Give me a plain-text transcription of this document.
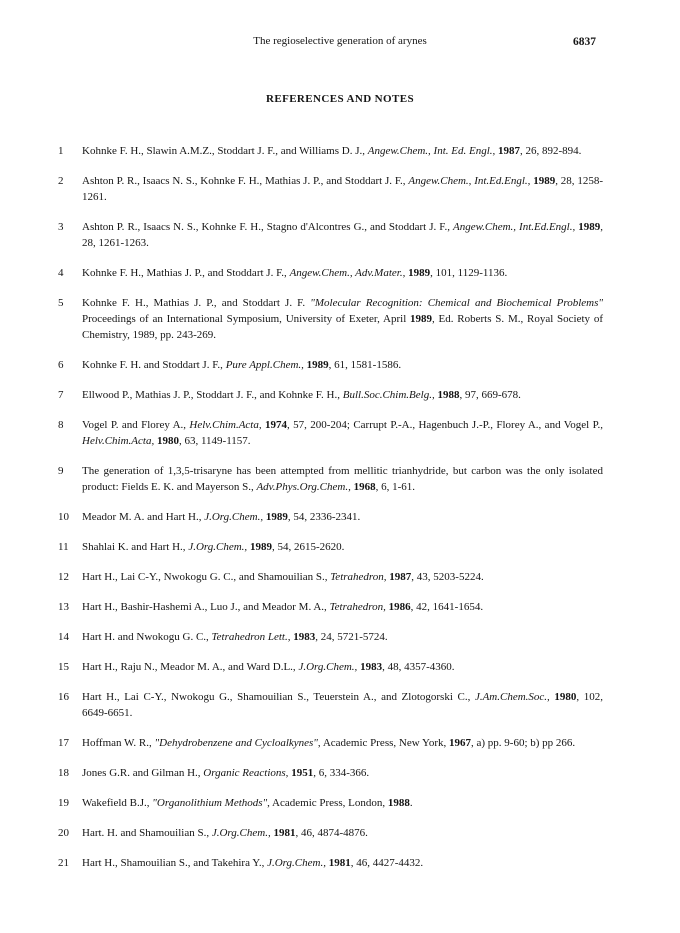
The regioselective generation of arynes	6837
REFERENCES AND NOTES
1	Kohnke F. H., Slawin A.M.Z., Stoddart J. F., and Williams D. J., Angew.Chem., Int. Ed. Engl., 1987, 26, 892-894.
2	Ashton P. R., Isaacs N. S., Kohnke F. H., Mathias J. P., and Stoddart J. F., Angew.Chem., Int.Ed.Engl., 1989, 28, 1258-1261.
3	Ashton P. R., Isaacs N. S., Kohnke F. H., Stagno d'Alcontres G., and Stoddart J. F., Angew.Chem., Int.Ed.Engl., 1989, 28, 1261-1263.
4	Kohnke F. H., Mathias J. P., and Stoddart J. F., Angew.Chem., Adv.Mater., 1989, 101, 1129-1136.
5	Kohnke F. H., Mathias J. P., and Stoddart J. F. "Molecular Recognition: Chemical and Biochemical Problems" Proceedings of an International Symposium, University of Exeter, April 1989, Ed. Roberts S. M., Royal Society of Chemistry, 1989, pp. 243-269.
6	Kohnke F. H. and Stoddart J. F., Pure Appl.Chem., 1989, 61, 1581-1586.
7	Ellwood P., Mathias J. P., Stoddart J. F., and Kohnke F. H., Bull.Soc.Chim.Belg., 1988, 97, 669-678.
8	Vogel P. and Florey A., Helv.Chim.Acta, 1974, 57, 200-204; Carrupt P.-A., Hagenbuch J.-P., Florey A., and Vogel P., Helv.Chim.Acta, 1980, 63, 1149-1157.
9	The generation of 1,3,5-trisaryne has been attempted from mellitic trianhydride, but carbon was the only isolated product: Fields E. K. and Mayerson S., Adv.Phys.Org.Chem., 1968, 6, 1-61.
10	Meador M. A. and Hart H., J.Org.Chem., 1989, 54, 2336-2341.
11	Shahlai K. and Hart H., J.Org.Chem., 1989, 54, 2615-2620.
12	Hart H., Lai C-Y., Nwokogu G. C., and Shamouilian S., Tetrahedron, 1987, 43, 5203-5224.
13	Hart H., Bashir-Hashemi A., Luo J., and Meador M. A., Tetrahedron, 1986, 42, 1641-1654.
14	Hart H. and Nwokogu G. C., Tetrahedron Lett., 1983, 24, 5721-5724.
15	Hart H., Raju N., Meador M. A., and Ward D.L., J.Org.Chem., 1983, 48, 4357-4360.
16	Hart H., Lai C-Y., Nwokogu G., Shamouilian S., Teuerstein A., and Zlotogorski C., J.Am.Chem.Soc., 1980, 102, 6649-6651.
17	Hoffman W. R., "Dehydrobenzene and Cycloalkynes", Academic Press, New York, 1967, a) pp. 9-60; b) pp 266.
18	Jones G.R. and Gilman H., Organic Reactions, 1951, 6, 334-366.
19	Wakefield B.J., "Organolithium Methods", Academic Press, London, 1988.
20	Hart. H. and Shamouilian S., J.Org.Chem., 1981, 46, 4874-4876.
21	Hart H., Shamouilian S., and Takehira Y., J.Org.Chem., 1981, 46, 4427-4432.
